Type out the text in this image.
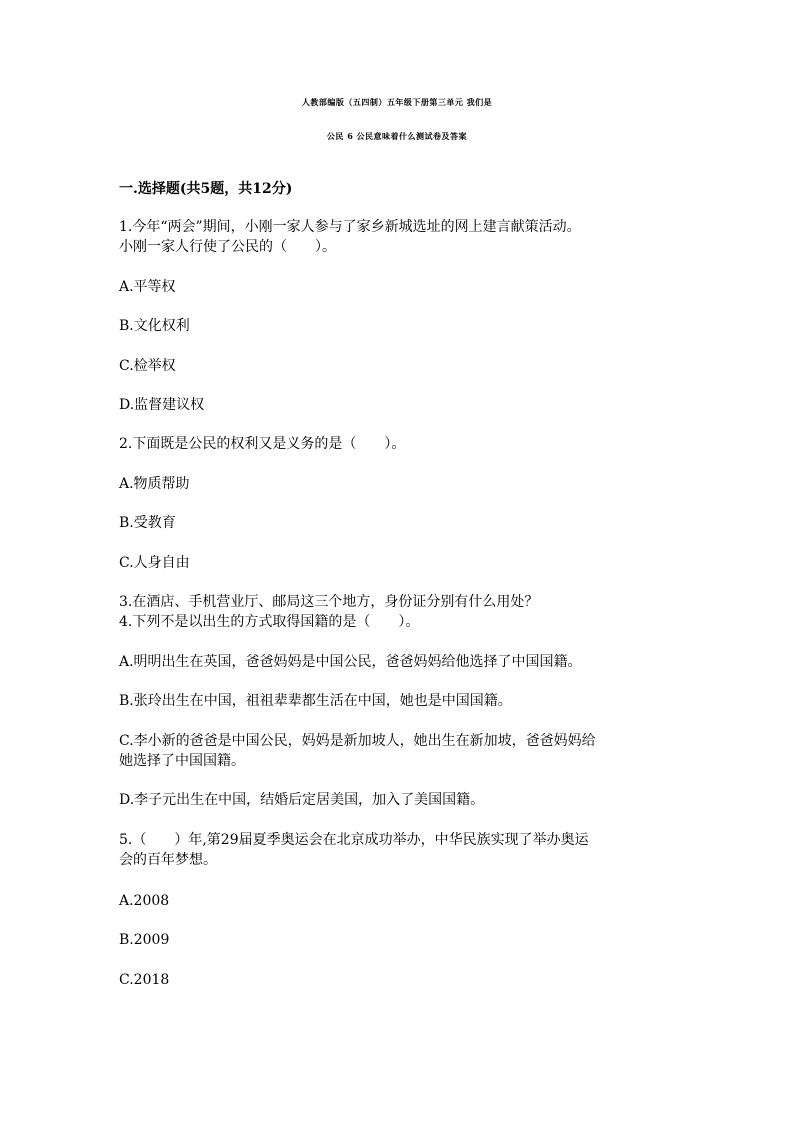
人教部编版（五四制）五年级下册第三单元 我们是
公民 6 公民意味着什么测试卷及答案
一.选择题(共5题，共12分)
1.今年“两会”期间，小刚一家人参与了家乡新城选址的网上建言献策活动。
小刚一家人行使了公民的（　　）。
A.平等权
B.文化权利
C.检举权
D.监督建议权
2.下面既是公民的权利又是义务的是（　　）。
A.物质帮助
B.受教育
C.人身自由
3.在酒店、手机营业厅、邮局这三个地方，身份证分别有什么用处？
4.下列不是以出生的方式取得国籍的是（　　）。
A.明明出生在英国，爸爸妈妈是中国公民，爸爸妈妈给他选择了中国国籍。
B.张玲出生在中国，祖祖辈辈都生活在中国，她也是中国国籍。
C.李小新的爸爸是中国公民，妈妈是新加坡人，她出生在新加坡，爸爸妈妈给
她选择了中国国籍。
D.李子元出生在中国，结婚后定居美国，加入了美国国籍。
5.（　　）年,第29届夏季奥运会在北京成功举办，中华民族实现了举办奥运
会的百年梦想。
A.2008
B.2009
C.2018
